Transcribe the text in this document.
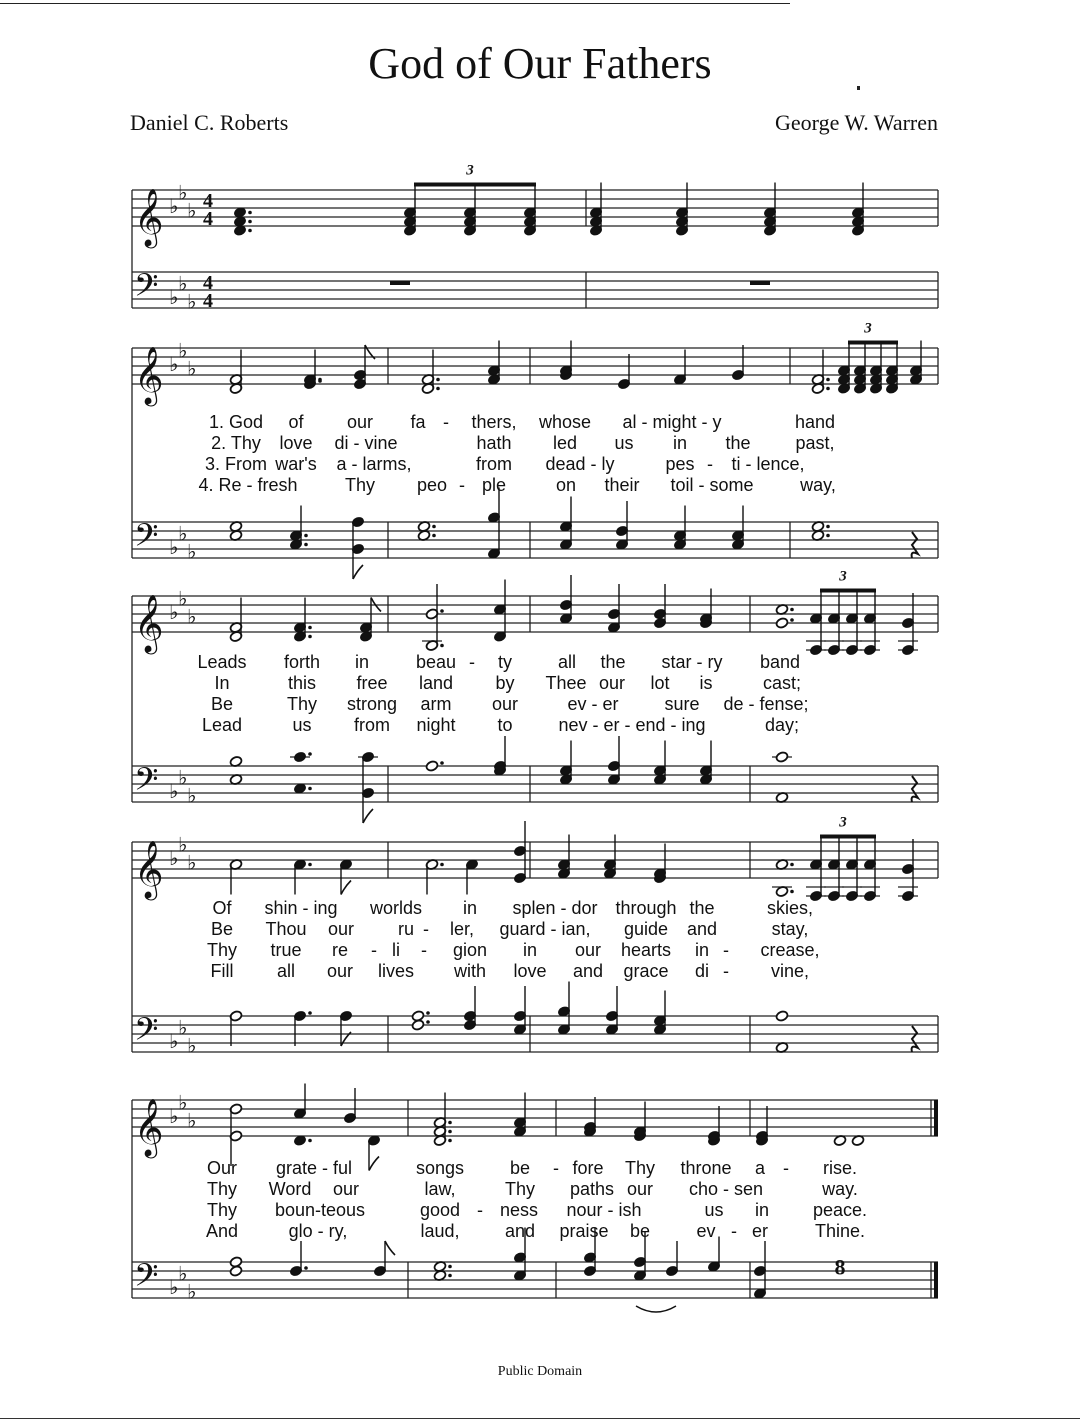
God of Our Fathers
Daniel C. Roberts	George W. Warren
𝄞 ♭
♭
♭ 4
4
𝄢 ♭
♭
♭
4
4
3
𝄞 ♭
♭
♭
𝄢 ♭
♭
♭
3
𝄞 ♭
♭
♭
𝄢 ♭
♭
♭
3
𝄞 ♭
♭
♭
𝄢 ♭
♭
♭
3
𝄞 ♭
♭
♭
𝄢 ♭
♭
♭
8
1. God of our fa - thers, whose al - might - y	hand
2. Thy love di - vine	hath led us in the past,
3. From war's a - larms,	from dead - ly	pes - ti - lence,
4. Re - fresh	Thy peo - ple	on their toil - some	way,
Leads forth in	beau - ty	all the star - ry band
In	this free land by Thee our lot is	cast;
Be	Thy strong arm our	ev - er	sure de - fense;
Lead	us from night to	nev - er - end - ing	day;
Of shin - ing worlds in splen - dor through the	skies,
Be Thou our ru - ler, guard - ian, guide and	stay,
Thy true re - li - gion in our hearts in - crease,
Fill all our lives with love and grace di - vine,
Our grate - ful	songs	be - fore Thy throne a - rise.
Thy Word our	law,	Thy paths our cho - sen	way.
Thy boun-teous	good - ness nour - ish	us in peace.
And	glo - ry,	laud,	and praise be	ev - er	Thine.
Public Domain
